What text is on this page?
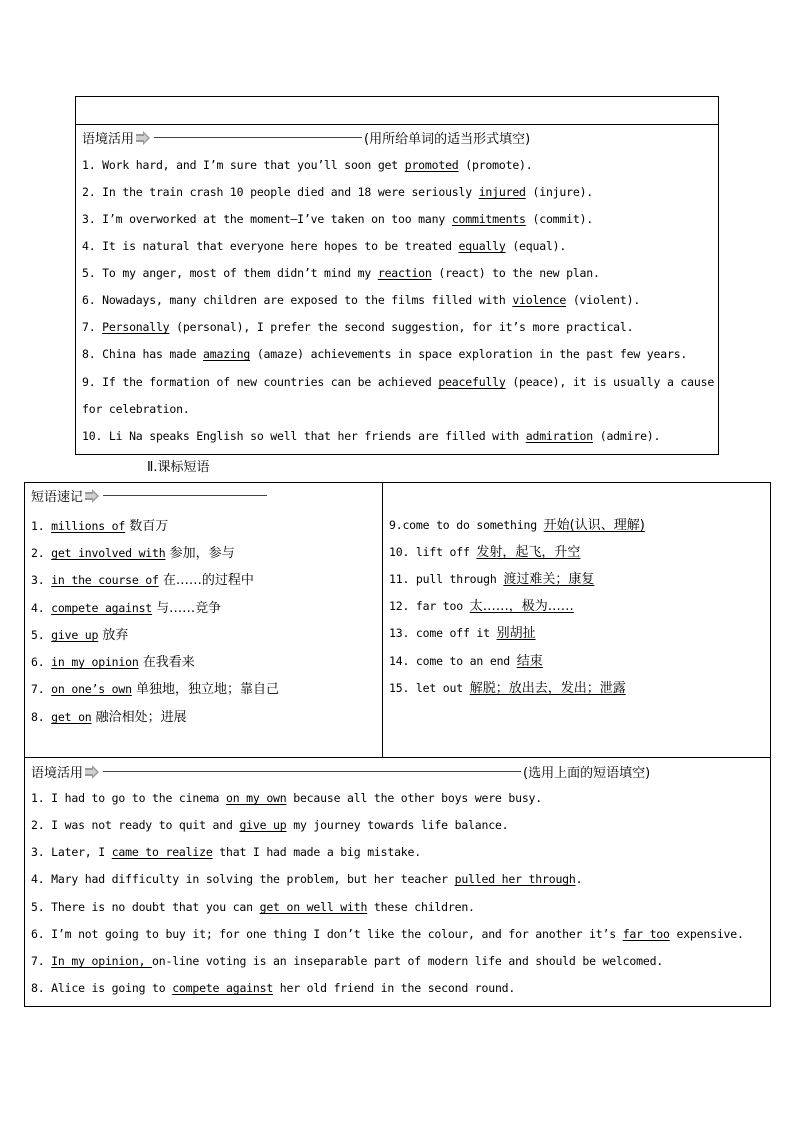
语境活用	(用所给单词的适当形式填空)
1. Work hard, and I’m sure that you’ll soon get promoted (promote).
2. In the train crash 10 people died and 18 were seriously injured (injure).
3. I’m overworked at the moment—I’ve taken on too many commitments (commit).
4. It is natural that everyone here hopes to be treated equally (equal).
5. To my anger, most of them didn’t mind my reaction (react) to the new plan.
6. Nowadays, many children are exposed to the films filled with violence (violent).
7. Personally (personal), I prefer the second suggestion, for it’s more practical.
8. China has made amazing (amaze) achievements in space exploration in the past few years.
9. If the formation of new countries can be achieved peacefully (peace), it is usually a cause
for celebration.
10. Li Na speaks English so well that her friends are filled with admiration (admire).
Ⅱ.课标短语
短语速记
1. millions of 数百万
2. get involved with 参加，参与
3. in the course of 在……的过程中
4. compete against 与……竞争
5. give up 放弃
6. in my opinion 在我看来
7. on one’s own 单独地，独立地；靠自己
8. get on 融洽相处；进展
9.come to do something 开始(认识、理解)
10. lift off 发射，起飞，升空
11. pull through 渡过难关；康复
12. far too 太……，极为……
13. come off it 别胡扯
14. come to an end 结束
15. let out 解脱；放出去，发出；泄露
语境活用	(选用上面的短语填空)
1. I had to go to the cinema on my own because all the other boys were busy.
2. I was not ready to quit and give up my journey towards life balance.
3. Later, I came to realize that I had made a big mistake.
4. Mary had difficulty in solving the problem, but her teacher pulled her through.
5. There is no doubt that you can get on well with these children.
6. I’m not going to buy it; for one thing I don’t like the colour, and for another it’s far too expensive.
7. In my opinion, on-line voting is an inseparable part of modern life and should be welcomed.
8. Alice is going to compete against her old friend in the second round.
